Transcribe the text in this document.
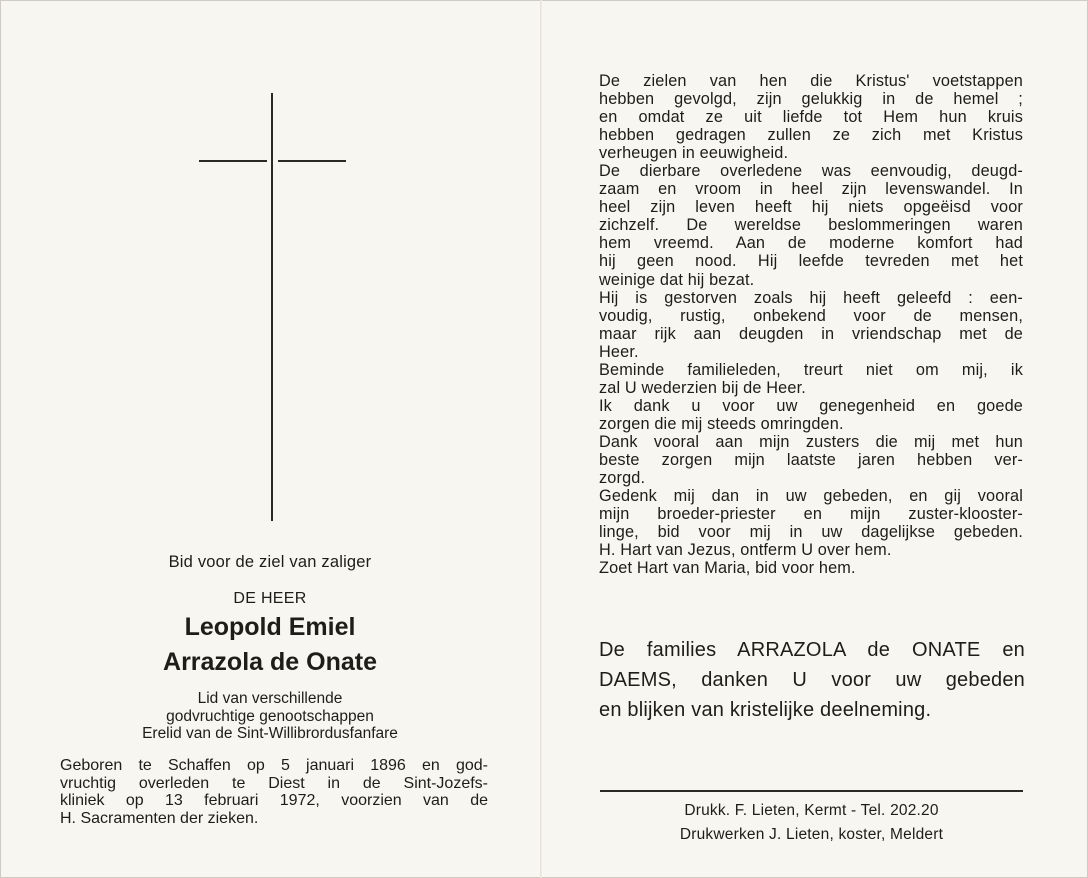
Bid voor de ziel van zaliger
DE HEER
Leopold Emiel
Arrazola de Onate
Lid van verschillende
godvruchtige genootschappen
Erelid van de Sint-Willibrordusfanfare
Geboren te Schaffen op 5 januari 1896 en god-
vruchtig overleden te Diest in de Sint-Jozefs-
kliniek op 13 februari 1972, voorzien van de
H. Sacramenten der zieken.
De zielen van hen die Kristus' voetstappen
hebben gevolgd, zijn gelukkig in de hemel ;
en omdat ze uit liefde tot Hem hun kruis
hebben gedragen zullen ze zich met Kristus
verheugen in eeuwigheid.
De dierbare overledene was eenvoudig, deugd-
zaam en vroom in heel zijn levenswandel. In
heel zijn leven heeft hij niets opgeëisd voor
zichzelf. De wereldse beslommeringen waren
hem vreemd. Aan de moderne komfort had
hij geen nood. Hij leefde tevreden met het
weinige dat hij bezat.
Hij is gestorven zoals hij heeft geleefd : een-
voudig, rustig, onbekend voor de mensen,
maar rijk aan deugden in vriendschap met de
Heer.
Beminde familieleden, treurt niet om mij, ik
zal U wederzien bij de Heer.
Ik dank u voor uw genegenheid en goede
zorgen die mij steeds omringden.
Dank vooral aan mijn zusters die mij met hun
beste zorgen mijn laatste jaren hebben ver-
zorgd.
Gedenk mij dan in uw gebeden, en gij vooral
mijn broeder-priester en mijn zuster-klooster-
linge, bid voor mij in uw dagelijkse gebeden.
H. Hart van Jezus, ontferm U over hem.
Zoet Hart van Maria, bid voor hem.
De families ARRAZOLA de ONATE en
DAEMS, danken U voor uw gebeden
en blijken van kristelijke deelneming.
Drukk. F. Lieten, Kermt - Tel. 202.20
Drukwerken J. Lieten, koster, Meldert
